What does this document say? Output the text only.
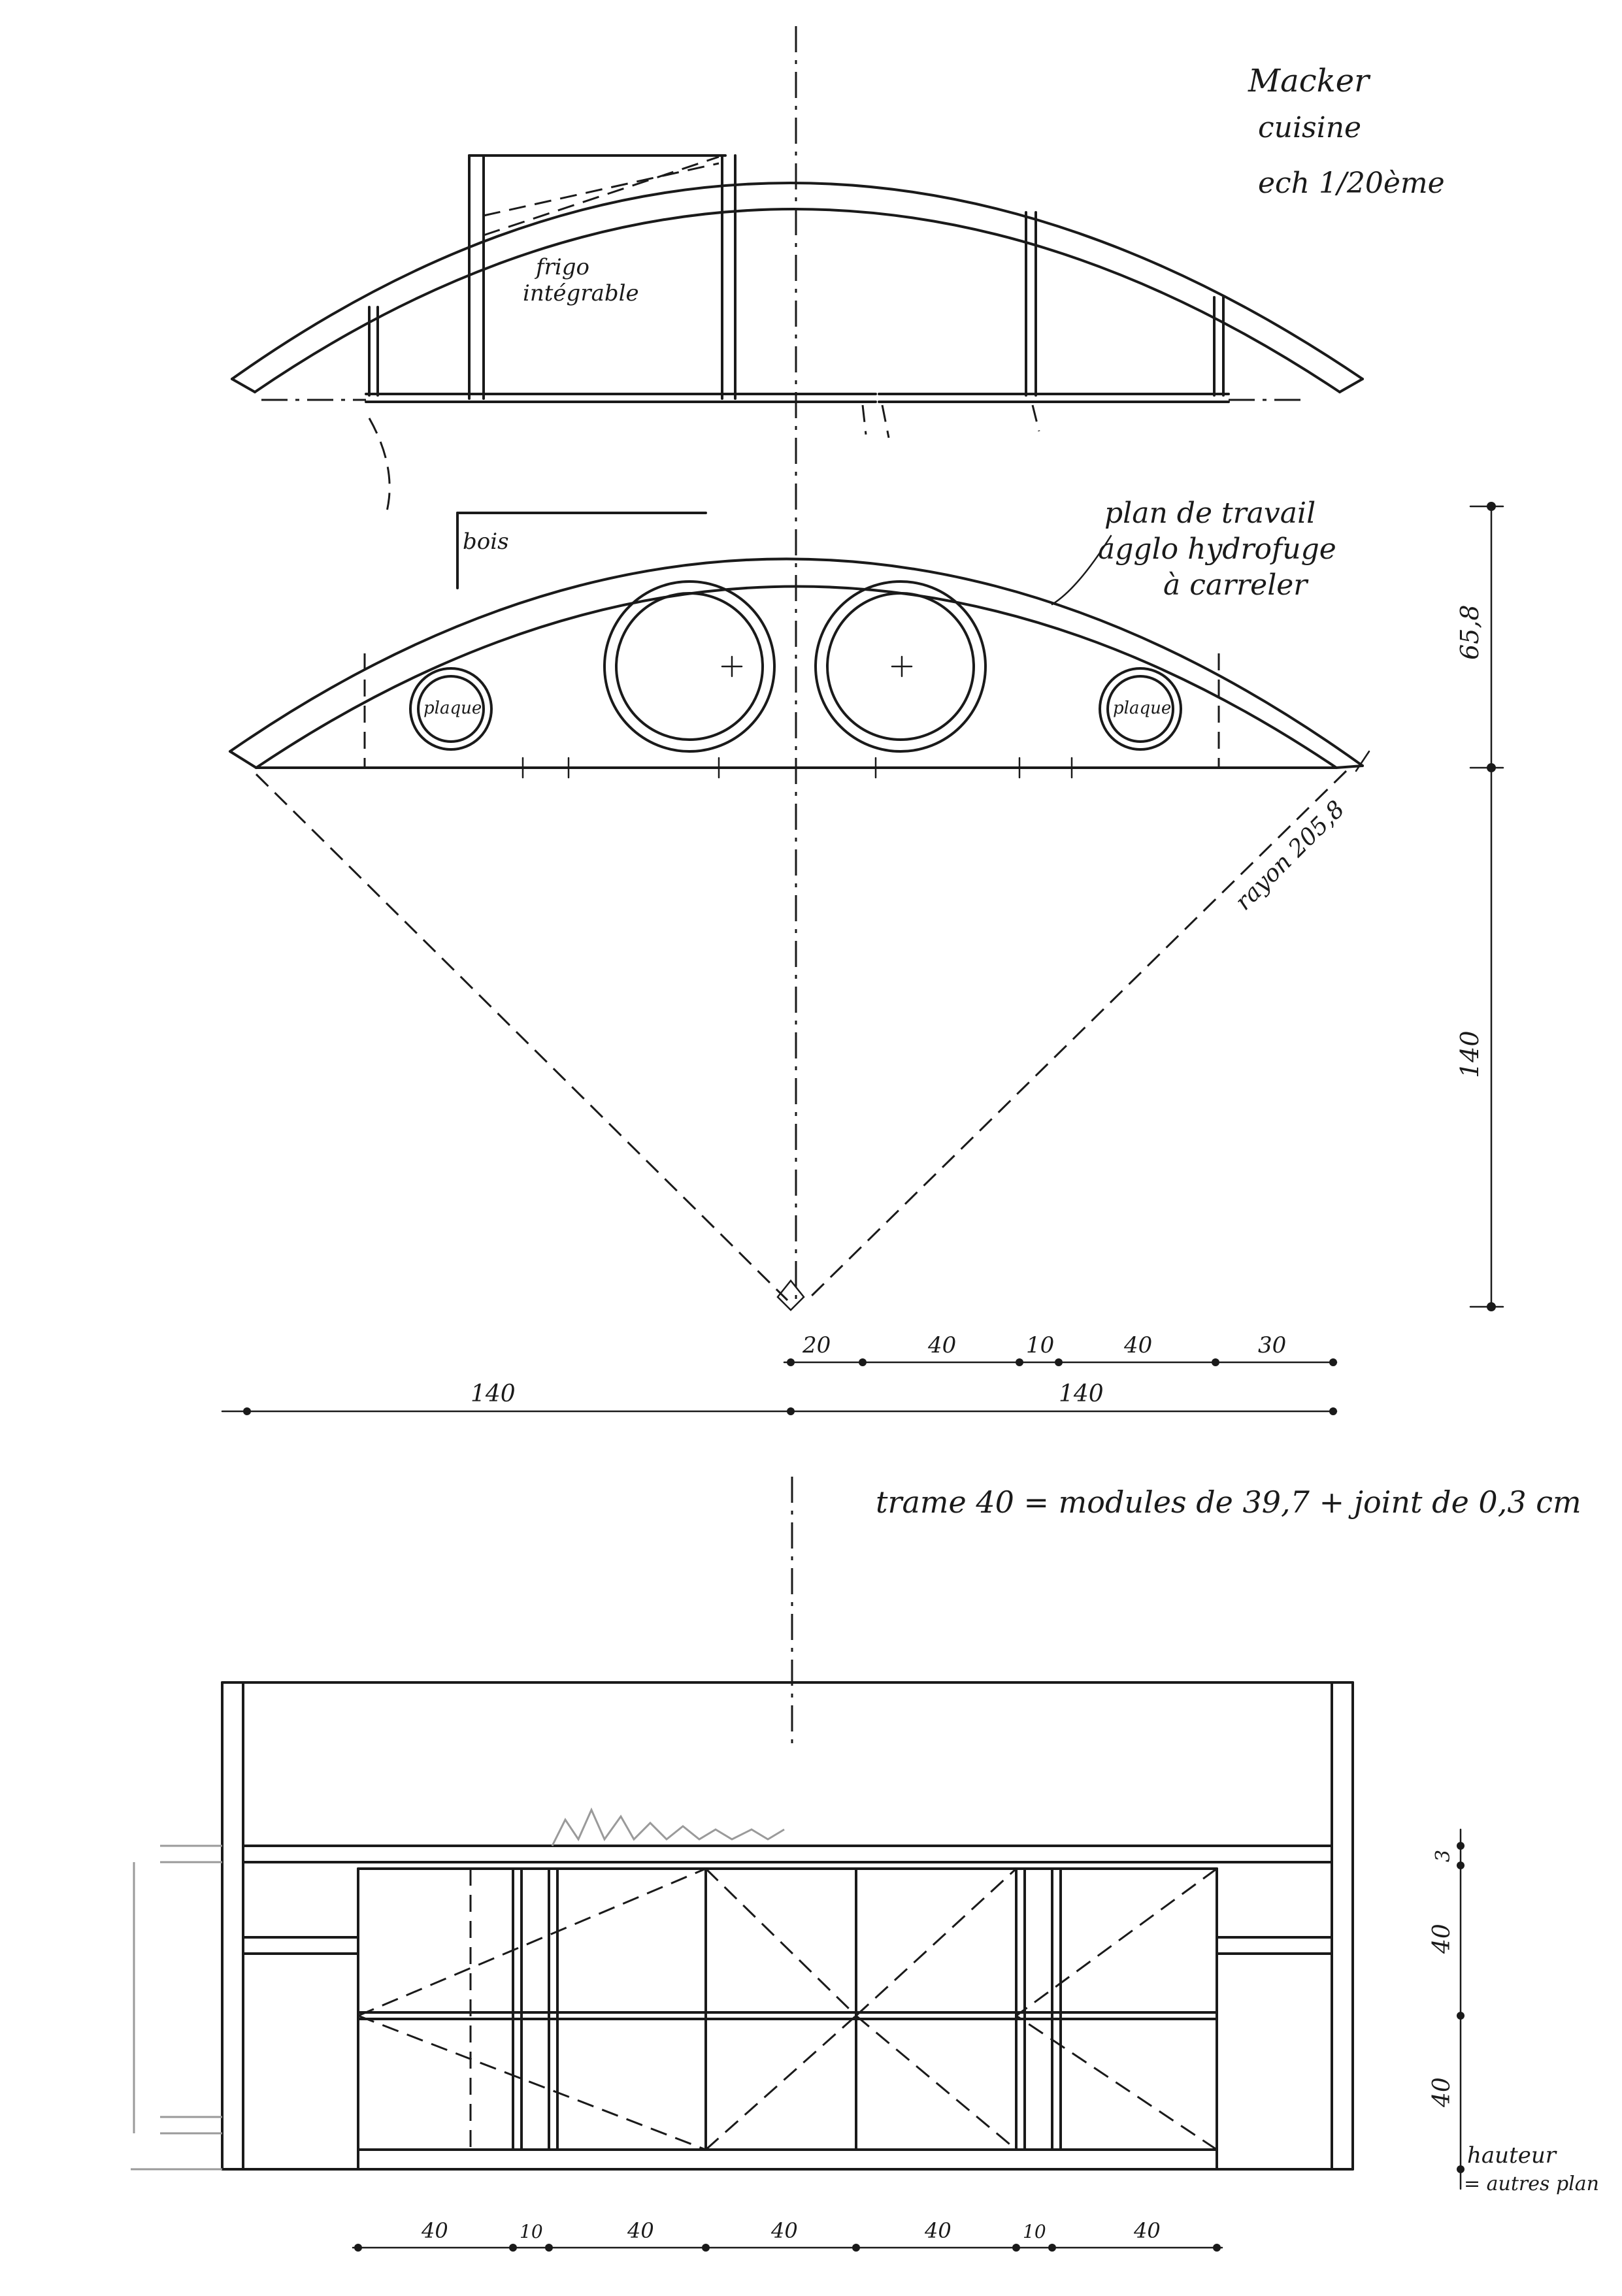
Macker
cuisine
ech 1/20ème
frigo
intégrable
bois
plaque	plaque
plan de travail
agglo hydrofuge
à carreler
rayon 205,8
65,8
140
20	40	10	40	30
140	140
trame 40 = modules de 39,7 + joint de 0,3 cm
3
40
40
hauteur
= autres plan
40	10	40	40	40	10	40
